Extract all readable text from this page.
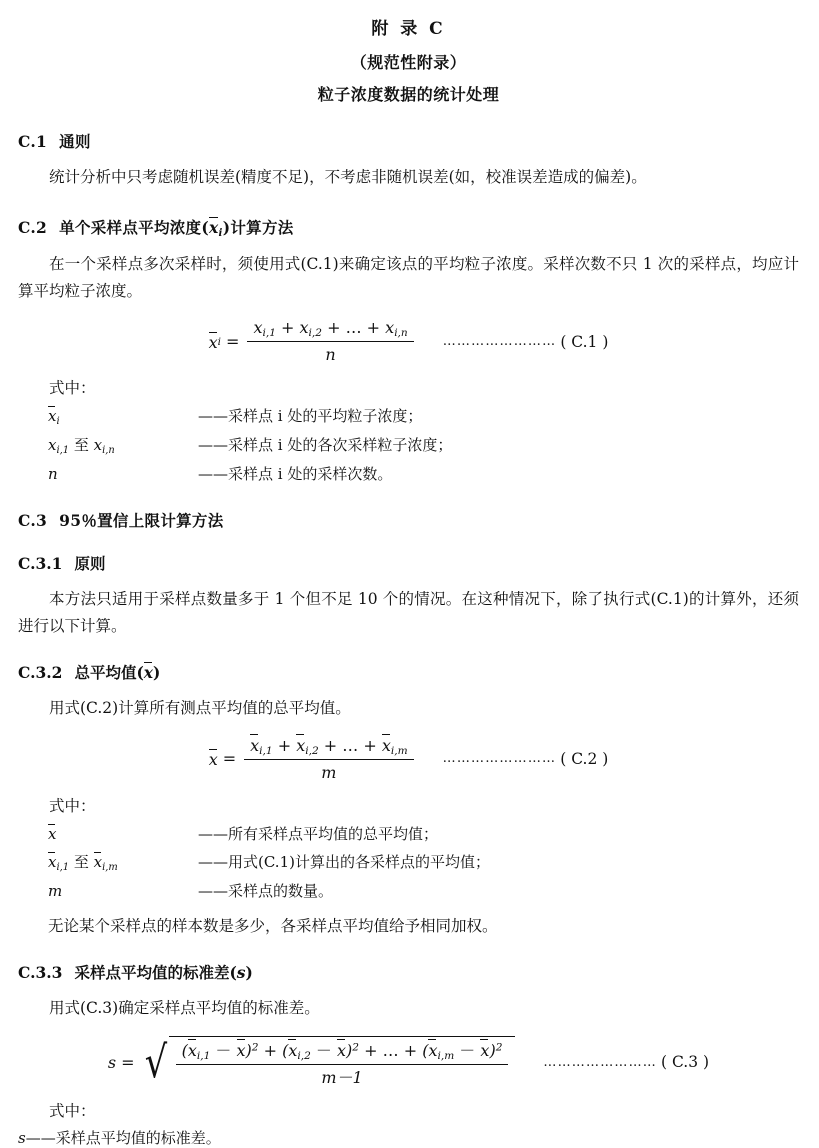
附 录 C
（规范性附录）
粒子浓度数据的统计处理
C.1 通则

统计分析中只考虑随机误差(精度不足)，不考虑非随机误差(如，校准误差造成的偏差)。

C.2 单个采样点平均浓度$(x_i)$计算方法

在一个采样点多次采样时，须使用式(C.1)来确定该点的平均粒子浓度。采样次数不只 1 次的采样点，均应计算平均粒子浓度。

x i =
$x_{i,1} + x_{i,2}$ + … + $x_{i,n}$
n
…………………… ( C.1 )
式中：
$x_i$	——采样点 i 处的平均粒子浓度；
$x_{i,1}$ 至 $x_{i,n}$	——采样点 i 处的各次采样粒子浓度；
n	——采样点 i 处的采样次数。
C.3 95％置信上限计算方法
C.3.1 原则

本方法只适用于采样点数量多于 1 个但不足 10 个的情况。在这种情况下，除了执行式(C.1)的计算外，还须进行以下计算。

C.3.2 总平均值(x)

用式(C.2)计算所有测点平均值的总平均值。

x =
$x_{i,1} + x_{i,2}$ + … + $x_{i,m}$
m
…………………… ( C.2 )
式中：
x	——所有采样点平均值的总平均值；
$x_{i,1}$ 至 $x_{i,m}$	——用式(C.1)计算出的各采样点的平均值；
m	——采样点的数量。

无论某个采样点的样本数是多少，各采样点平均值给予相同加权。

C.3.3 采样点平均值的标准差(s)

用式(C.3)确定采样点平均值的标准差。

s = √ $(x_{i,1} - x)^2 + (x_{i,2} - x)^2$ + … + $(x_{i,m} - x)^2$
m－1
…………………… ( C.3 )
式中：
s ——采样点平均值的标准差。
